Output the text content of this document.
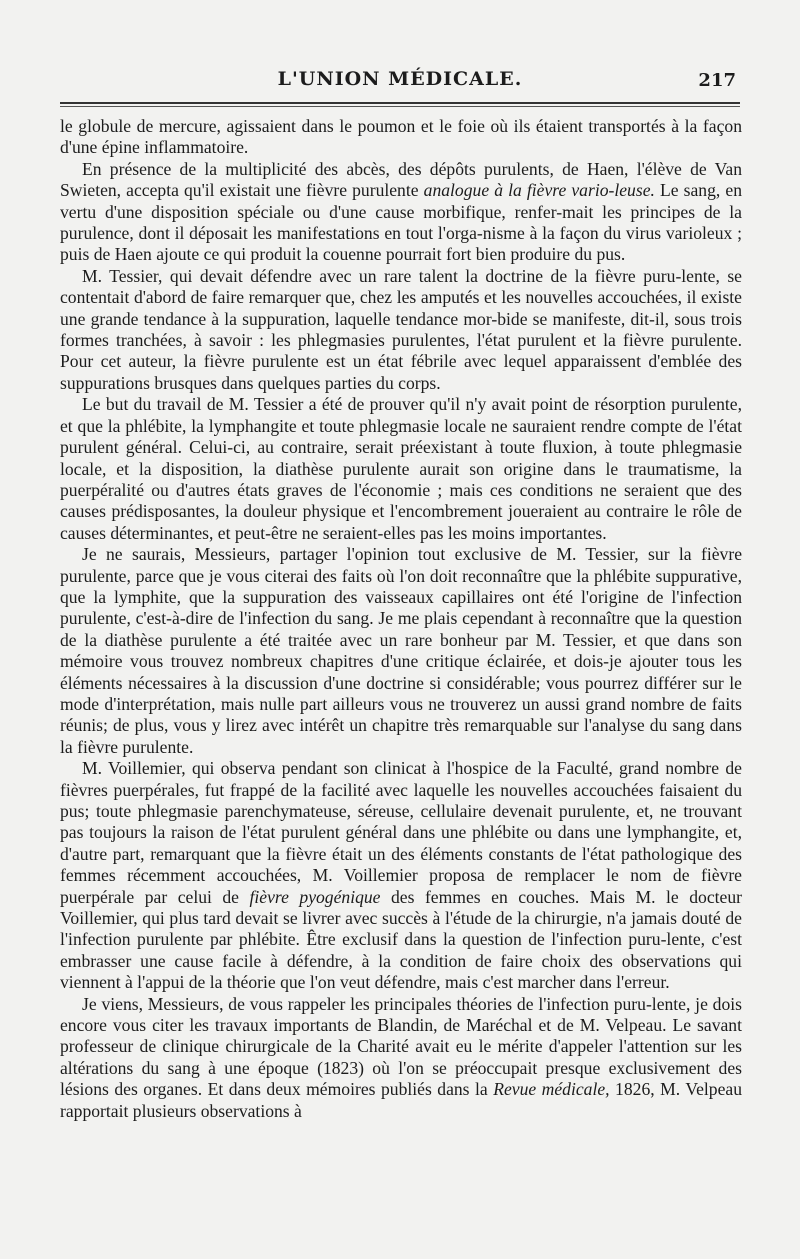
L'UNION MÉDICALE.	217

le globule de mercure, agissaient dans le poumon et le foie où ils étaient transportés à la façon d'une épine inflammatoire.

En présence de la multiplicité des abcès, des dépôts purulents, de Haen, l'élève de Van Swieten, accepta qu'il existait une fièvre purulente analogue à la fièvre vario-leuse. Le sang, en vertu d'une disposition spéciale ou d'une cause morbifique, renfer-mait les principes de la purulence, dont il déposait les manifestations en tout l'orga-nisme à la façon du virus varioleux ; puis de Haen ajoute ce qui produit la couenne pourrait fort bien produire du pus.

M. Tessier, qui devait défendre avec un rare talent la doctrine de la fièvre puru-lente, se contentait d'abord de faire remarquer que, chez les amputés et les nouvelles accouchées, il existe une grande tendance à la suppuration, laquelle tendance mor-bide se manifeste, dit-il, sous trois formes tranchées, à savoir : les phlegmasies purulentes, l'état purulent et la fièvre purulente. Pour cet auteur, la fièvre purulente est un état fébrile avec lequel apparaissent d'emblée des suppurations brusques dans quelques parties du corps.

Le but du travail de M. Tessier a été de prouver qu'il n'y avait point de résorption purulente, et que la phlébite, la lymphangite et toute phlegmasie locale ne sauraient rendre compte de l'état purulent général. Celui-ci, au contraire, serait préexistant à toute fluxion, à toute phlegmasie locale, et la disposition, la diathèse purulente aurait son origine dans le traumatisme, la puerpéralité ou d'autres états graves de l'économie ; mais ces conditions ne seraient que des causes prédisposantes, la douleur physique et l'encombrement joueraient au contraire le rôle de causes déterminantes, et peut-être ne seraient-elles pas les moins importantes.

Je ne saurais, Messieurs, partager l'opinion tout exclusive de M. Tessier, sur la fièvre purulente, parce que je vous citerai des faits où l'on doit reconnaître que la phlébite suppurative, que la lymphite, que la suppuration des vaisseaux capillaires ont été l'origine de l'infection purulente, c'est-à-dire de l'infection du sang. Je me plais cependant à reconnaître que la question de la diathèse purulente a été traitée avec un rare bonheur par M. Tessier, et que dans son mémoire vous trouvez nombreux chapitres d'une critique éclairée, et dois-je ajouter tous les éléments nécessaires à la discussion d'une doctrine si considérable; vous pourrez différer sur le mode d'interprétation, mais nulle part ailleurs vous ne trouverez un aussi grand nombre de faits réunis; de plus, vous y lirez avec intérêt un chapitre très remarquable sur l'analyse du sang dans la fièvre purulente.

M. Voillemier, qui observa pendant son clinicat à l'hospice de la Faculté, grand nombre de fièvres puerpérales, fut frappé de la facilité avec laquelle les nouvelles accouchées faisaient du pus; toute phlegmasie parenchymateuse, séreuse, cellulaire devenait purulente, et, ne trouvant pas toujours la raison de l'état purulent général dans une phlébite ou dans une lymphangite, et, d'autre part, remarquant que la fièvre était un des éléments constants de l'état pathologique des femmes récemment accouchées, M. Voillemier proposa de remplacer le nom de fièvre puerpérale par celui de fièvre pyogénique des femmes en couches. Mais M. le docteur Voillemier, qui plus tard devait se livrer avec succès à l'étude de la chirurgie, n'a jamais douté de l'infection purulente par phlébite. Être exclusif dans la question de l'infection puru-lente, c'est embrasser une cause facile à défendre, à la condition de faire choix des observations qui viennent à l'appui de la théorie que l'on veut défendre, mais c'est marcher dans l'erreur.

Je viens, Messieurs, de vous rappeler les principales théories de l'infection puru-lente, je dois encore vous citer les travaux importants de Blandin, de Maréchal et de M. Velpeau. Le savant professeur de clinique chirurgicale de la Charité avait eu le mérite d'appeler l'attention sur les altérations du sang à une époque (1823) où l'on se préoccupait presque exclusivement des lésions des organes. Et dans deux mémoires publiés dans la Revue médicale, 1826, M. Velpeau rapportait plusieurs observations à
